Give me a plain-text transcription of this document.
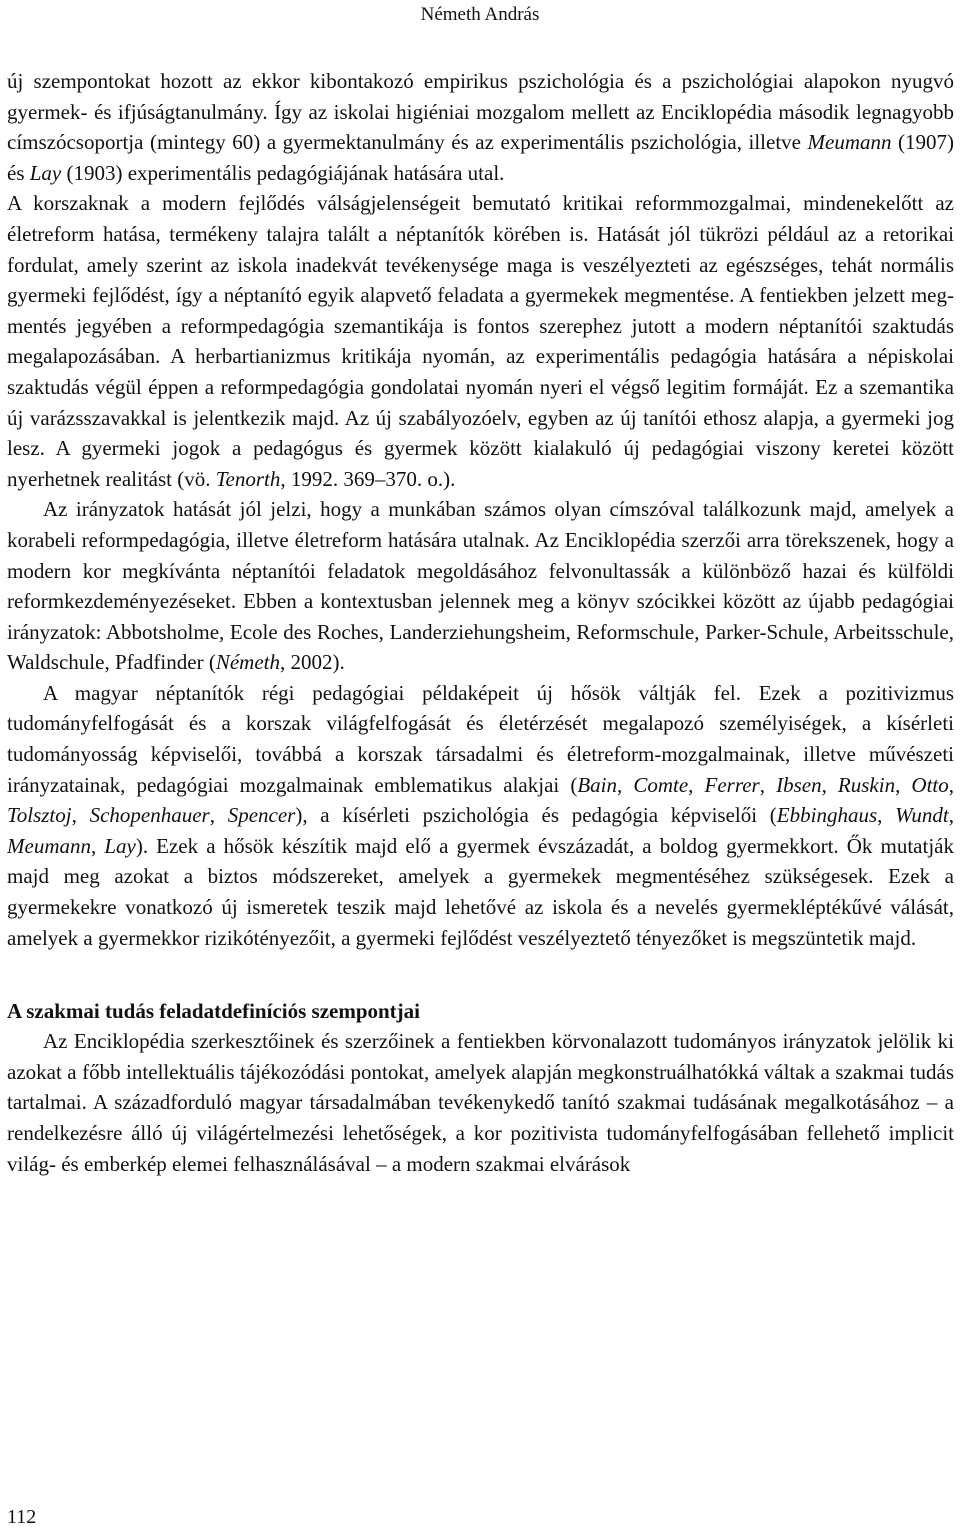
Németh András

új szempontokat hozott az ekkor kibontakozó empirikus pszichológia és a pszichológiai alapokon nyugvó gyermek- és ifjúságtanulmány. Így az iskolai higiéniai mozgalom mellett az Enciklopédia második legnagyobb címszócsoportja (mintegy 60) a gyermektanulmány és az experimentális pszichológia, illetve Meumann (1907) és Lay (1903) experimentális pedagógiájának hatására utal.

A korszaknak a modern fejlődés válságjelenségeit bemutató kritikai reformmozgalmai, mindenekelőtt az életreform hatása, termékeny talajra talált a néptanítók körében is. Hatását jól tükrözi például az a retorikai fordulat, amely szerint az iskola inadekvát tevékenysége maga is veszélyezteti az egészséges, tehát normális gyermeki fejlődést, így a néptanító egyik alapvető feladata a gyermekek megmentése. A fentiekben jelzett megmentés jegyében a reformpedagógia szemantikája is fontos szerephez jutott a modern néptanítói szaktudás megalapozásában. A herbartianizmus kritikája nyomán, az experimentális pedagógia hatására a népiskolai szaktudás végül éppen a reformpedagógia gondolatai nyomán nyeri el végső legitim formáját. Ez a szemantika új varázsszavakkal is jelentkezik majd. Az új szabályozóelv, egyben az új tanítói ethosz alapja, a gyermeki jog lesz. A gyermeki jogok a pedagógus és gyermek között kialakuló új pedagógiai viszony keretei között nyerhetnek realitást (vö. Tenorth, 1992. 369–370. o.).

Az irányzatok hatását jól jelzi, hogy a munkában számos olyan címszóval találkozunk majd, amelyek a korabeli reformpedagógia, illetve életreform hatására utalnak. Az Enciklopédia szerzői arra törekszenek, hogy a modern kor megkívánta néptanítói feladatok megoldásához felvonultassák a különböző hazai és külföldi reformkezdeményezéseket. Ebben a kontextusban jelennek meg a könyv szócikkei között az újabb pedagógiai irányzatok: Abbotsholme, Ecole des Roches, Landerziehungsheim, Reformschule, Parker-Schule, Arbeitsschule, Waldschule, Pfadfinder (Németh, 2002).

A magyar néptanítók régi pedagógiai példaképeit új hősök váltják fel. Ezek a pozitivizmus tudományfelfogását és a korszak világfelfogását és életérzését megalapozó személyiségek, a kísérleti tudományosság képviselői, továbbá a korszak társadalmi és életreform-mozgalmainak, illetve művészeti irányzatainak, pedagógiai mozgalmainak emblematikus alakjai (Bain, Comte, Ferrer, Ibsen, Ruskin, Otto, Tolsztoj, Schopenhauer, Spencer), a kísérleti pszichológia és pedagógia képviselői (Ebbinghaus, Wundt, Meumann, Lay). Ezek a hősök készítik majd elő a gyermek évszázadát, a boldog gyermekkort. Ők mutatják majd meg azokat a biztos módszereket, amelyek a gyermekek megmentéséhez szükségesek. Ezek a gyermekekre vonatkozó új ismeretek teszik majd lehetővé az iskola és a nevelés gyermekléptékűvé válását, amelyek a gyermekkor rizikótényezőit, a gyermeki fejlődést veszélyeztető tényezőket is megszüntetik majd.

A szakmai tudás feladatdefiníciós szempontjai

Az Enciklopédia szerkesztőinek és szerzőinek a fentiekben körvonalazott tudományos irányzatok jelölik ki azokat a főbb intellektuális tájékozódási pontokat, amelyek alapján megkonstruálhatókká váltak a szakmai tudás tartalmai. A századforduló magyar társadalmában tevékenykedő tanító szakmai tudásának megalkotásához – a rendelkezésre álló új világértelmezési lehetőségek, a kor pozitivista tudományfelfogásában fellehető implicit világ- és emberkép elemei felhasználásával – a modern szakmai elvárások

112
